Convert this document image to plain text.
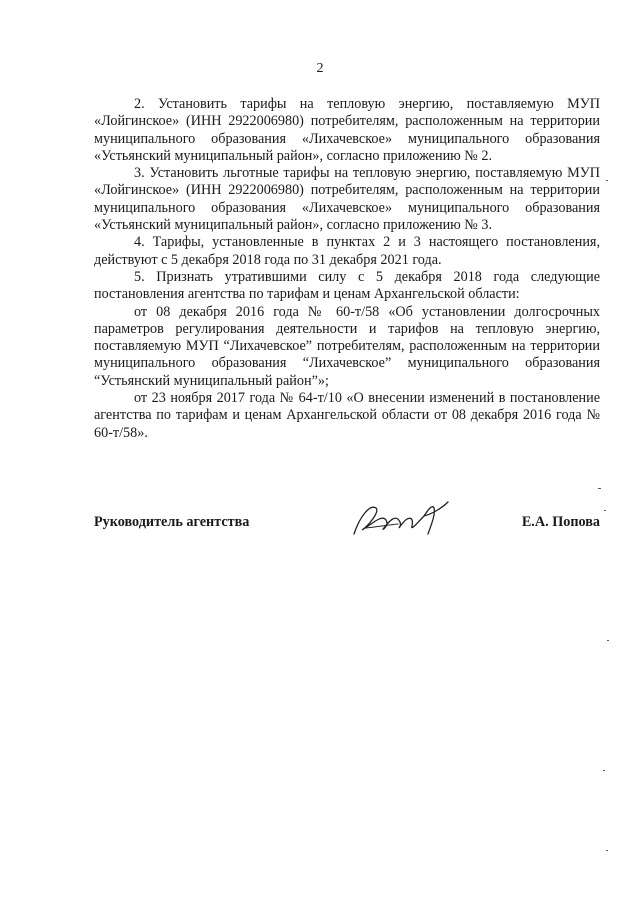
2

2. Установить тарифы на тепловую энергию, поставляемую МУП «Лойгинское» (ИНН 2922006980) потребителям, расположенным на территории муниципального образования «Лихачевское» муниципального образования «Устьянский муниципальный район», согласно приложению № 2.

3. Установить льготные тарифы на тепловую энергию, поставляемую МУП «Лойгинское» (ИНН 2922006980) потребителям, расположенным на территории муниципального образования «Лихачевское» муниципального образования «Устьянский муниципальный район», согласно приложению № 3.

4. Тарифы, установленные в пунктах 2 и 3 настоящего постановления, действуют с 5 декабря 2018 года по 31 декабря 2021 года.

5. Признать утратившими силу с 5 декабря 2018 года следующие постановления агентства по тарифам и ценам Архангельской области:

от 08 декабря 2016 года № 60-т/58 «Об установлении долгосрочных параметров регулирования деятельности и тарифов на тепловую энергию, поставляемую МУП “Лихачевское” потребителям, расположенным на территории муниципального образования “Лихачевское” муниципального образования “Устьянский муниципальный район”»;

от 23 ноября 2017 года № 64-т/10 «О внесении изменений в постановление агентства по тарифам и ценам Архангельской области от 08 декабря 2016 года № 60-т/58».

Руководитель агентства	Е.А. Попова
